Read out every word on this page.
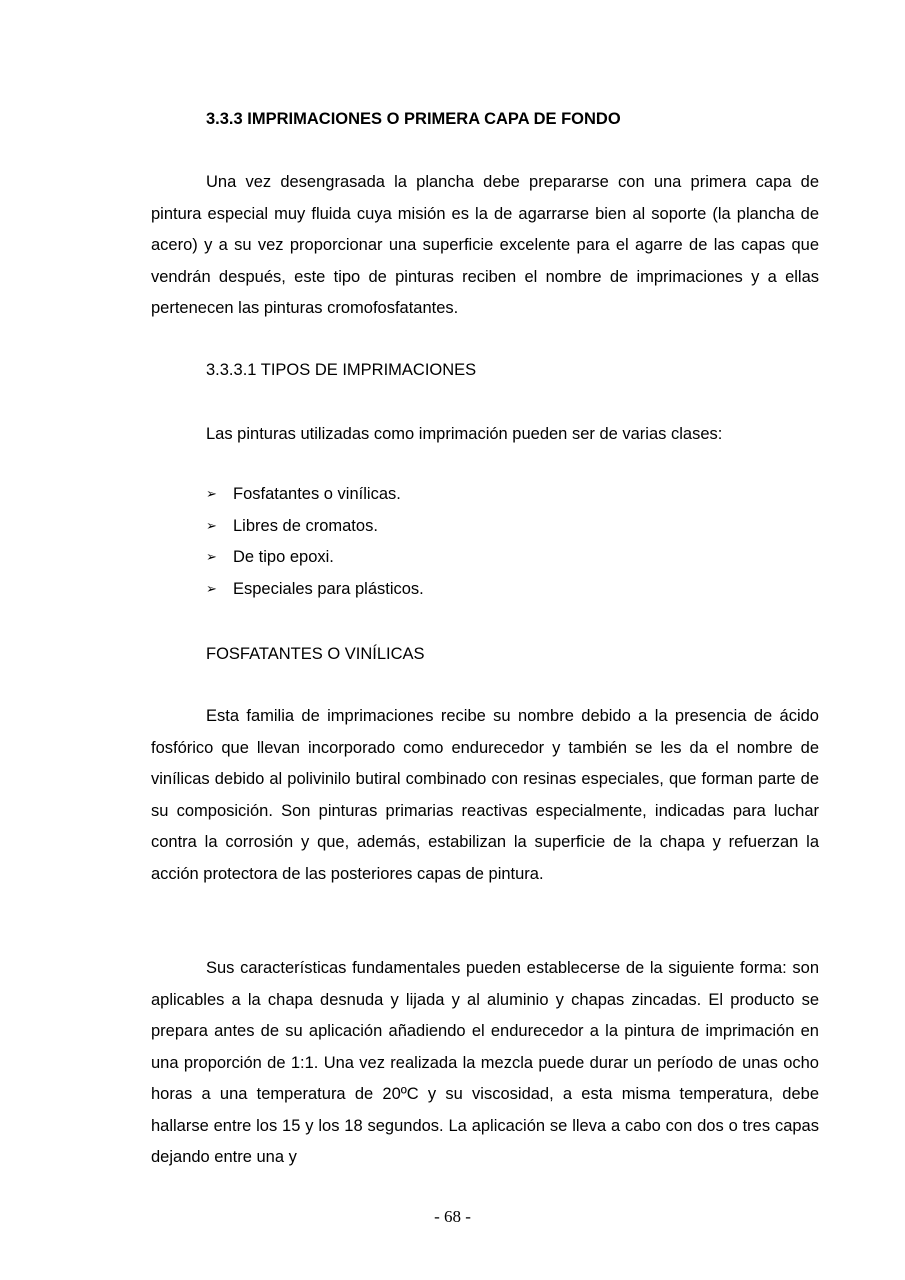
3.3.3 IMPRIMACIONES O PRIMERA CAPA DE FONDO

Una vez desengrasada la plancha debe prepararse con una primera capa de pintura especial muy fluida cuya misión es la de agarrarse bien al soporte (la plancha de acero) y a su vez proporcionar una superficie excelente para el agarre de las capas que vendrán después, este tipo de pinturas reciben el nombre de imprimaciones y a ellas pertenecen las pinturas cromofosfatantes.

3.3.3.1 TIPOS DE IMPRIMACIONES

Las pinturas utilizadas como imprimación pueden ser de varias clases:

➢ Fosfatantes o vinílicas.
➢ Libres de cromatos.
➢ De tipo epoxi.
➢ Especiales para plásticos.
FOSFATANTES O VINÍLICAS

Esta familia de imprimaciones recibe su nombre debido a la presencia de ácido fosfórico que llevan incorporado como endurecedor y también se les da el nombre de vinílicas debido al polivinilo butiral combinado con resinas especiales, que forman parte de su composición. Son pinturas primarias reactivas especialmente, indicadas para luchar contra la corrosión y que, además, estabilizan la superficie de la chapa y refuerzan la acción protectora de las posteriores capas de pintura.

Sus características fundamentales pueden establecerse de la siguiente forma: son aplicables a la chapa desnuda y lijada y al aluminio y chapas zincadas. El producto se prepara antes de su aplicación añadiendo el endurecedor a la pintura de imprimación en una proporción de 1:1. Una vez realizada la mezcla puede durar un período de unas ocho horas a una temperatura de 20ºC y su viscosidad, a esta misma temperatura, debe hallarse entre los 15 y los 18 segundos. La aplicación se lleva a cabo con dos o tres capas dejando entre una y

- 68 -
